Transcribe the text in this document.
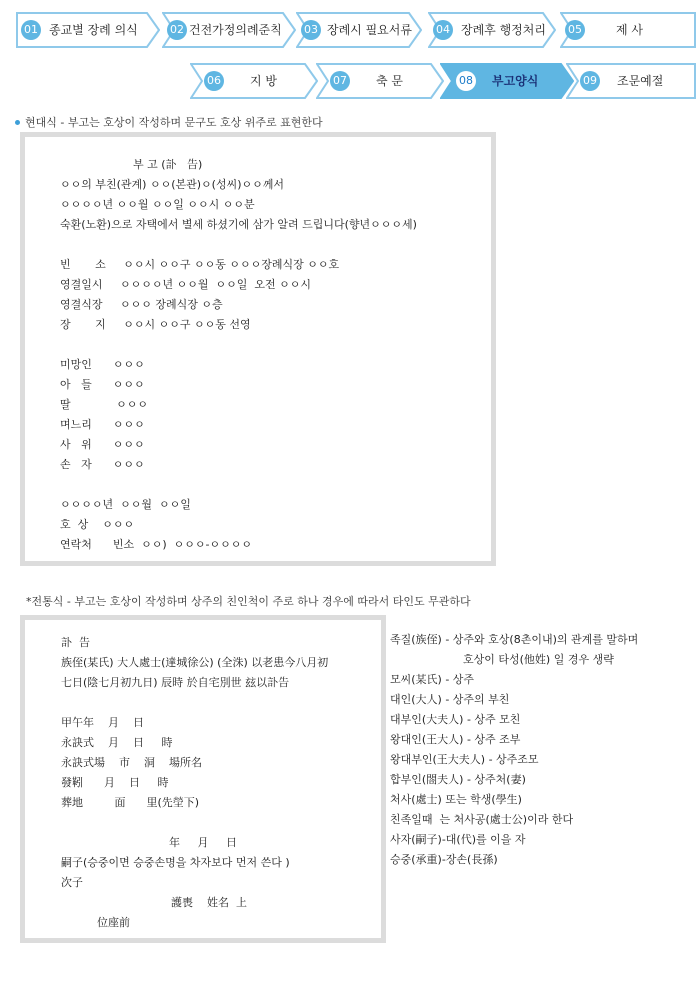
01 종교별 장례 의식	02 건전가정의례준칙 03 장례시 필요서류 04 장례후 행정처리 05	제 사
06 지 방	07 축 문	08 부고양식	09 조문예절
현대식 - 부고는 호상이 작성하며 문구도 호상 위주로 표현한다
부 고 (訃   告)
ㅇㅇ의 부친(관계) ㅇㅇ(본관)ㅇ(성씨)ㅇㅇ께서
ㅇㅇㅇㅇ년 ㅇㅇ월 ㅇㅇ일 ㅇㅇ시 ㅇㅇ분
숙환(노환)으로 자택에서 별세 하셨기에 삼가 알려 드립니다(향년ㅇㅇㅇ세)
빈       소     ㅇㅇ시 ㅇㅇ구 ㅇㅇ동 ㅇㅇㅇ장례식장 ㅇㅇ호
영결일시     ㅇㅇㅇㅇ년 ㅇㅇ월  ㅇㅇ일  오전 ㅇㅇ시
영결식장     ㅇㅇㅇ 장례식장 ㅇ층
장       지     ㅇㅇ시 ㅇㅇ구 ㅇㅇ동 선영
미망인      ㅇㅇㅇ
아   들      ㅇㅇㅇ
딸             ㅇㅇㅇ
며느리      ㅇㅇㅇ
사   위      ㅇㅇㅇ
손   자      ㅇㅇㅇ
ㅇㅇㅇㅇ년  ㅇㅇ월  ㅇㅇ일
호  상    ㅇㅇㅇ
연락처      빈소  ㅇㅇ)  ㅇㅇㅇ-ㅇㅇㅇㅇ
*전통식 - 부고는 호상이 작성하며 상주의 친인척이 주로 하나 경우에 따라서 타인도 무관하다
訃  告
族侄(某氏) 大人處士(達城徐公) (全洙) 以老患今八月初
七日(陰七月初九日) 辰時 於自宅別世 玆以訃告
甲午年    月    日
永訣式    月    日     時
永訣式場    市    洞    場所名
發靷      月    日     時
葬地         面      里(先塋下)
年     月     日
嗣子(승중이면 승중손명을 차자보다 먼저 쓴다 )
次子
護喪    姓名  上
位座前
족질(族侄) - 상주와 호상(8촌이내)의 관계를 말하며
호상이 타성(他姓) 일 경우 생략
모씨(某氏) - 상주
대인(大人) - 상주의 부친
대부인(大夫人) - 상주 모친
왕대인(王大人) - 상주 조부
왕대부인(王大夫人) - 상주조모
합부인(閤夫人) - 상주처(妻)
처사(處士) 또는 학생(學生)
친족일때  는 처사공(處士公)이라 한다
사자(嗣子)-대(代)를 이을 자
승중(承重)-장손(長孫)
